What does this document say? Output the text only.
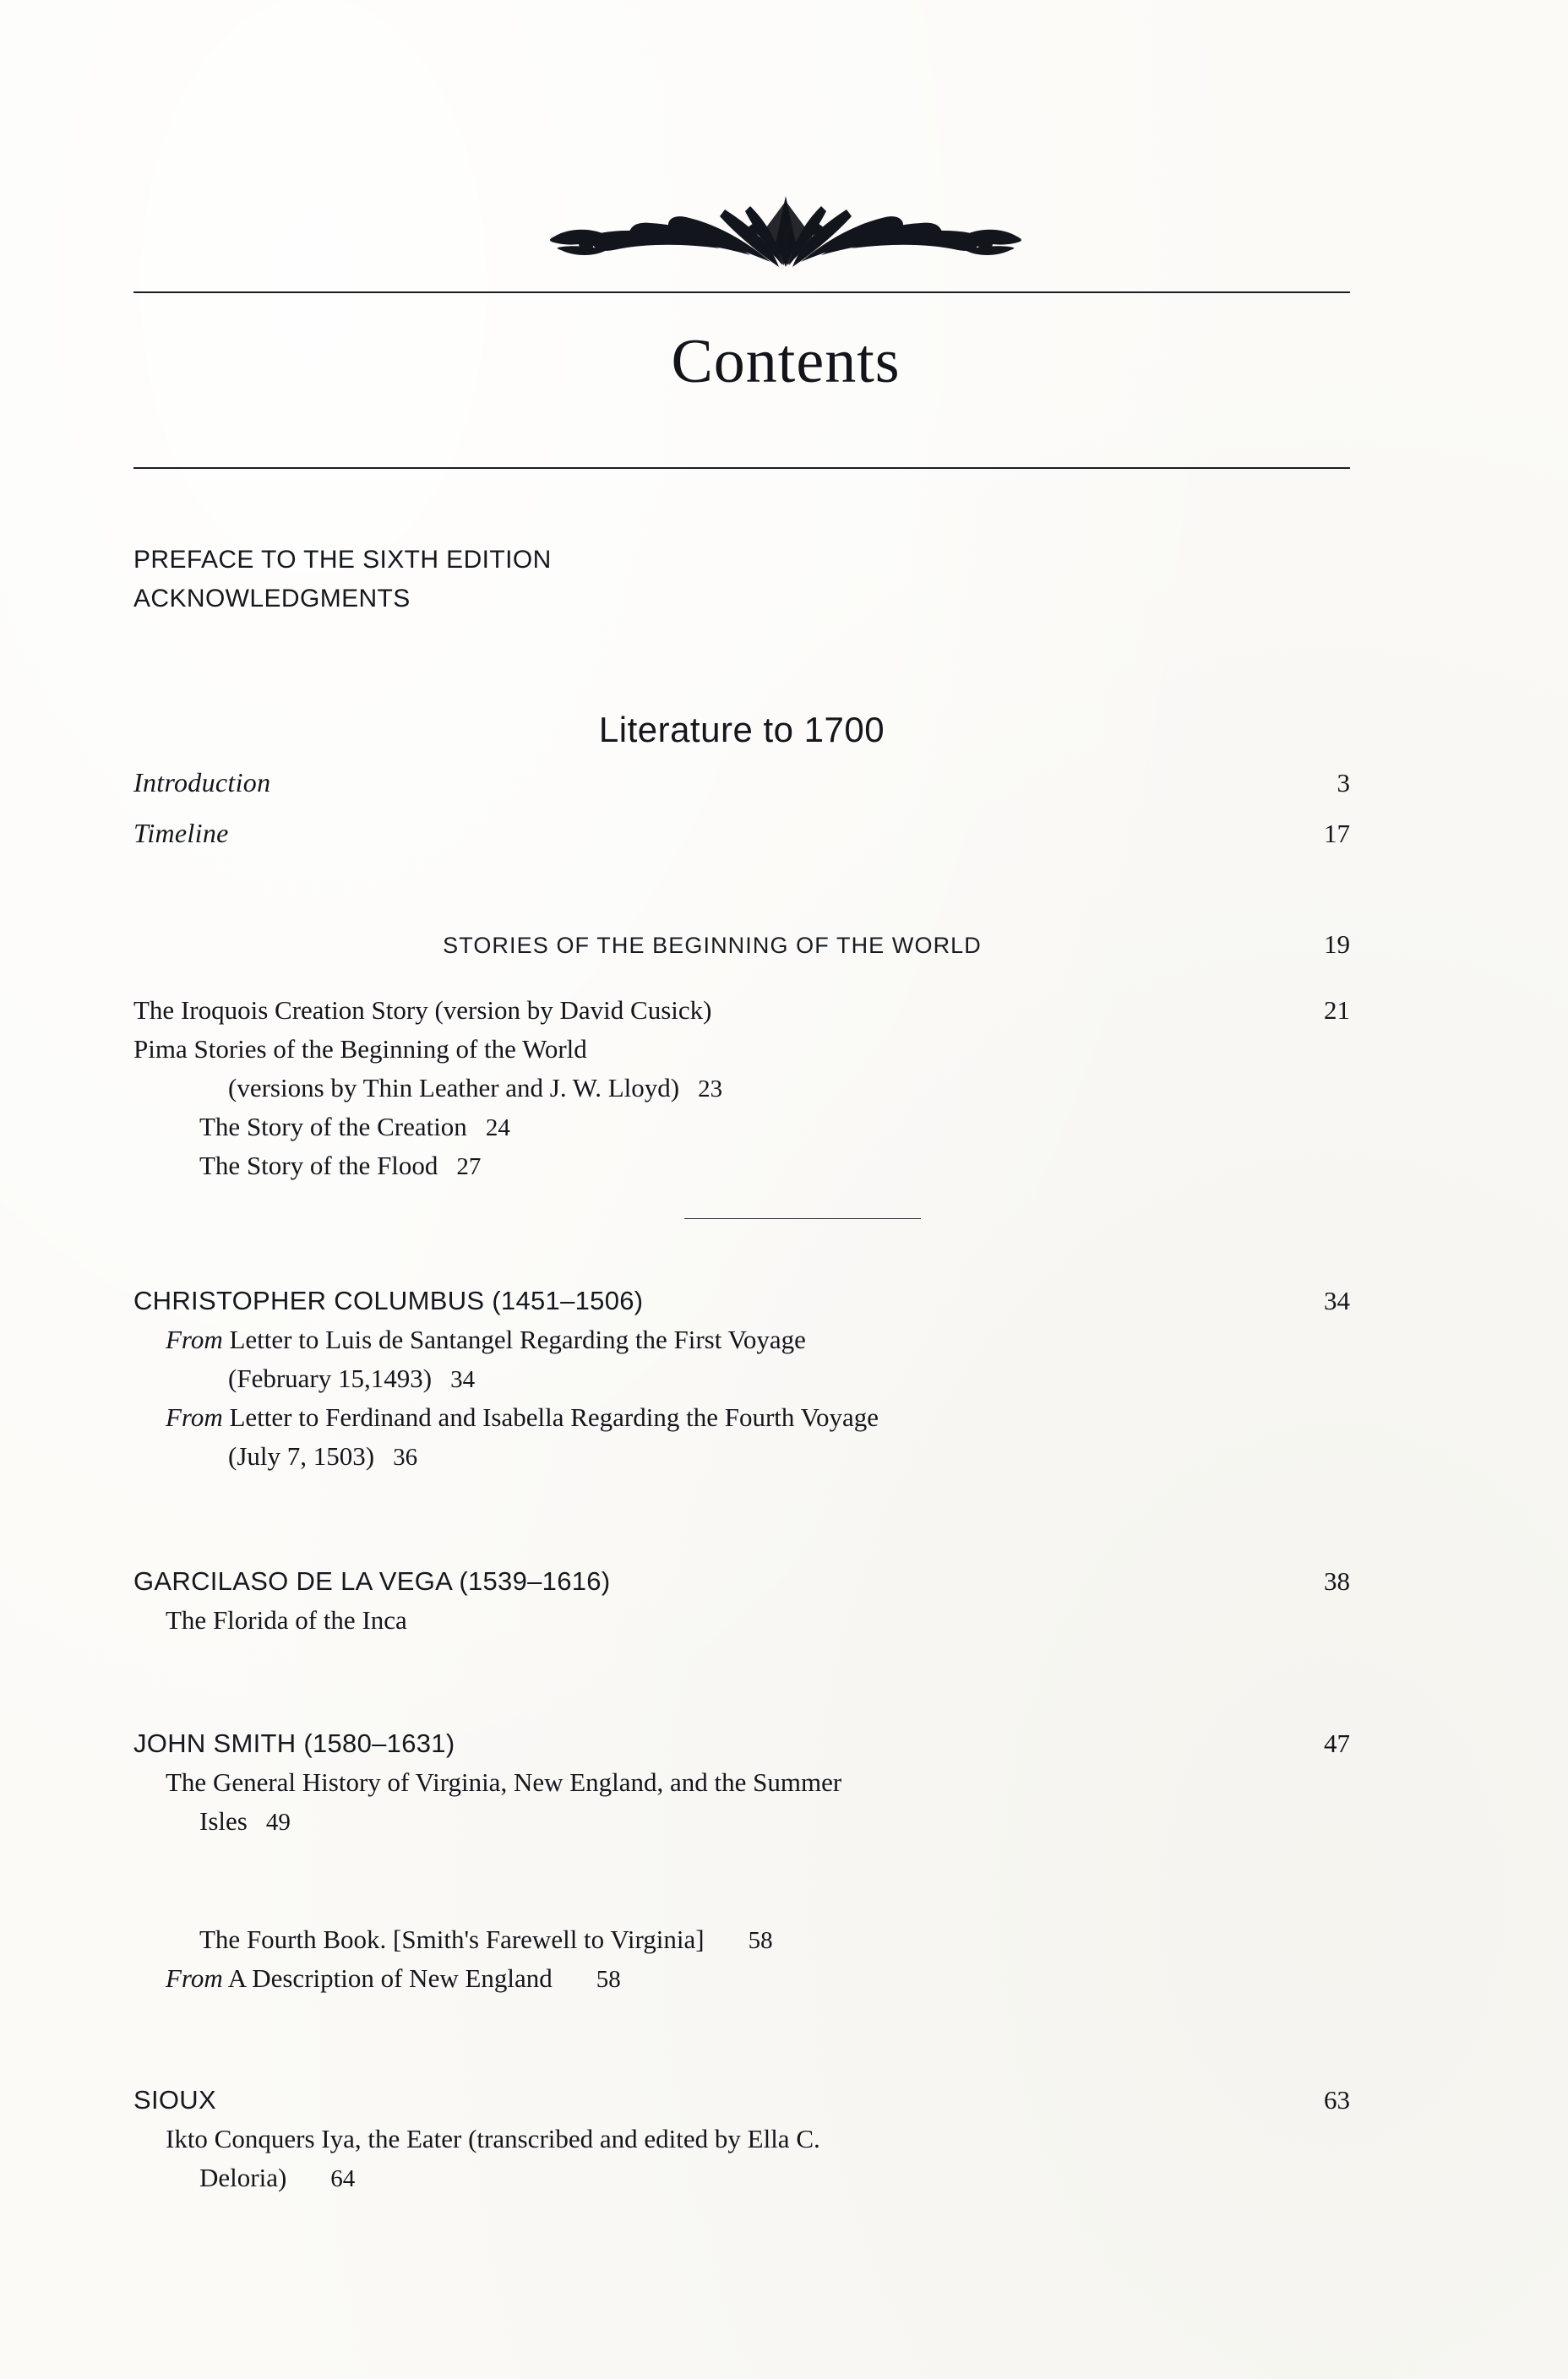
Contents
PREFACE TO THE SIXTH EDITION
ACKNOWLEDGMENTS
Literature to 1700
Introduction	3
Timeline	17
STORIES OF THE BEGINNING OF THE WORLD	19
The Iroquois Creation Story (version by David Cusick)	21
Pima Stories of the Beginning of the World
(versions by Thin Leather and J. W. Lloyd) 23
The Story of the Creation 24
The Story of the Flood 27
CHRISTOPHER COLUMBUS (1451–1506)	34
From Letter to Luis de Santangel Regarding the First Voyage
(February 15,1493) 34
From Letter to Ferdinand and Isabella Regarding the Fourth Voyage
(July 7, 1503) 36
GARCILASO DE LA VEGA (1539–1616)	38
The Florida of the Inca
JOHN SMITH (1580–1631)	47
The General History of Virginia, New England, and the Summer
Isles 49
The Fourth Book. [Smith's Farewell to Virginia] 58
From A Description of New England 58
SIOUX	63
Ikto Conquers Iya, the Eater (transcribed and edited by Ella C.
Deloria) 64
